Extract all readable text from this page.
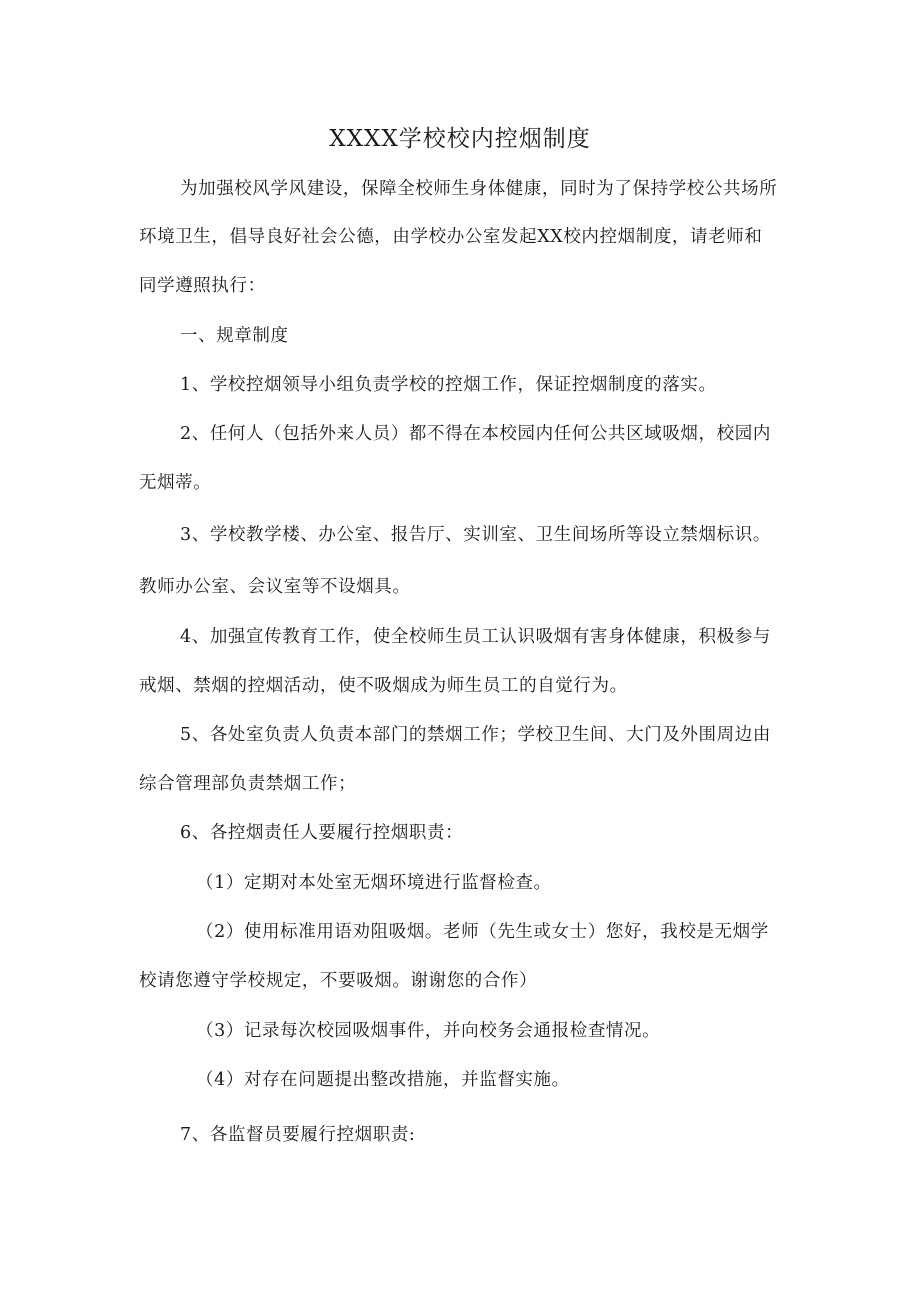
XXXX学校校内控烟制度

为加强校风学风建设，保障全校师生身体健康，同时为了保持学校公共场所

环境卫生，倡导良好社会公德，由学校办公室发起XX校内控烟制度，请老师和

同学遵照执行：

一、规章制度

1、学校控烟领导小组负责学校的控烟工作，保证控烟制度的落实。

2、任何人（包括外来人员）都不得在本校园内任何公共区域吸烟，校园内

无烟蒂。

3、学校教学楼、办公室、报告厅、实训室、卫生间场所等设立禁烟标识。

教师办公室、会议室等不设烟具。

4、加强宣传教育工作，使全校师生员工认识吸烟有害身体健康，积极参与

戒烟、禁烟的控烟活动，使不吸烟成为师生员工的自觉行为。

5、各处室负责人负责本部门的禁烟工作；学校卫生间、大门及外围周边由

综合管理部负责禁烟工作；

6、各控烟责任人要履行控烟职责：

（1）定期对本处室无烟环境进行监督检查。

（2）使用标准用语劝阻吸烟。老师（先生或女士）您好，我校是无烟学

校请您遵守学校规定，不要吸烟。谢谢您的合作）

（3）记录每次校园吸烟事件，并向校务会通报检查情况。

（4）对存在问题提出整改措施，并监督实施。

7、各监督员要履行控烟职责:
